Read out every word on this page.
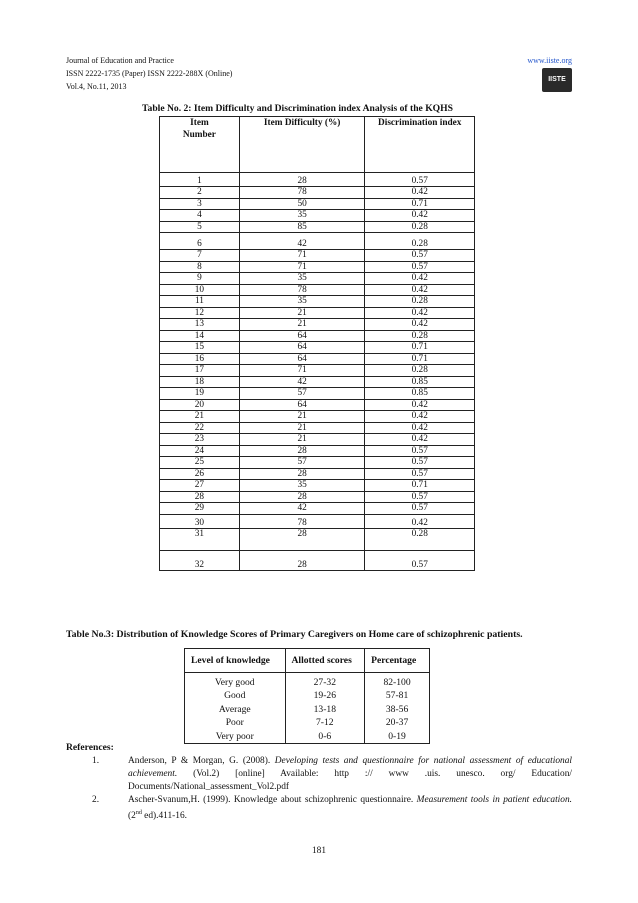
Journal of Education and Practice
ISSN 2222-1735 (Paper) ISSN 2222-288X (Online)
Vol.4, No.11, 2013
www.iiste.org
IISTE
Table No. 2: Item Difficulty and Discrimination index Analysis of the KQHS
Item Number	Item Difficulty (%)	Discrimination index
1	28	0.57
2	78	0.42
3	50	0.71
4	35	0.42
5	85	0.28
6	42	0.28
7	71	0.57
8	71	0.57
9	35	0.42
10	78	0.42
11	35	0.28
12	21	0.42
13	21	0.42
14	64	0.28
15	64	0.71
16	64	0.71
17	71	0.28
18	42	0.85
19	57	0.85
20	64	0.42
21	21	0.42
22	21	0.42
23	21	0.42
24	28	0.57
25	57	0.57
26	28	0.57
27	35	0.71
28	28	0.57
29	42	0.57
30	78	0.42
31	28	0.28
32	28	0.57
Table No.3: Distribution of Knowledge Scores of Primary Caregivers on Home care of schizophrenic patients.
Level of knowledge	Allotted scores	Percentage
Very good	27-32	82-100
Good	19-26	57-81
Average	13-18	38-56
Poor	7-12	20-37
Very poor	0-6	0-19
References:
1.	Anderson, P & Morgan, G. (2008). Developing tests and questionnaire for national assessment of educational achievement. (Vol.2) [online] Available: http :// www .uis. unesco. org/ Education/ Documents/National_assessment_Vol2.pdf
2.	Ascher-Svanum,H. (1999). Knowledge about schizophrenic questionnaire. Measurement tools in patient education. (2nd ed).411-16.
181
